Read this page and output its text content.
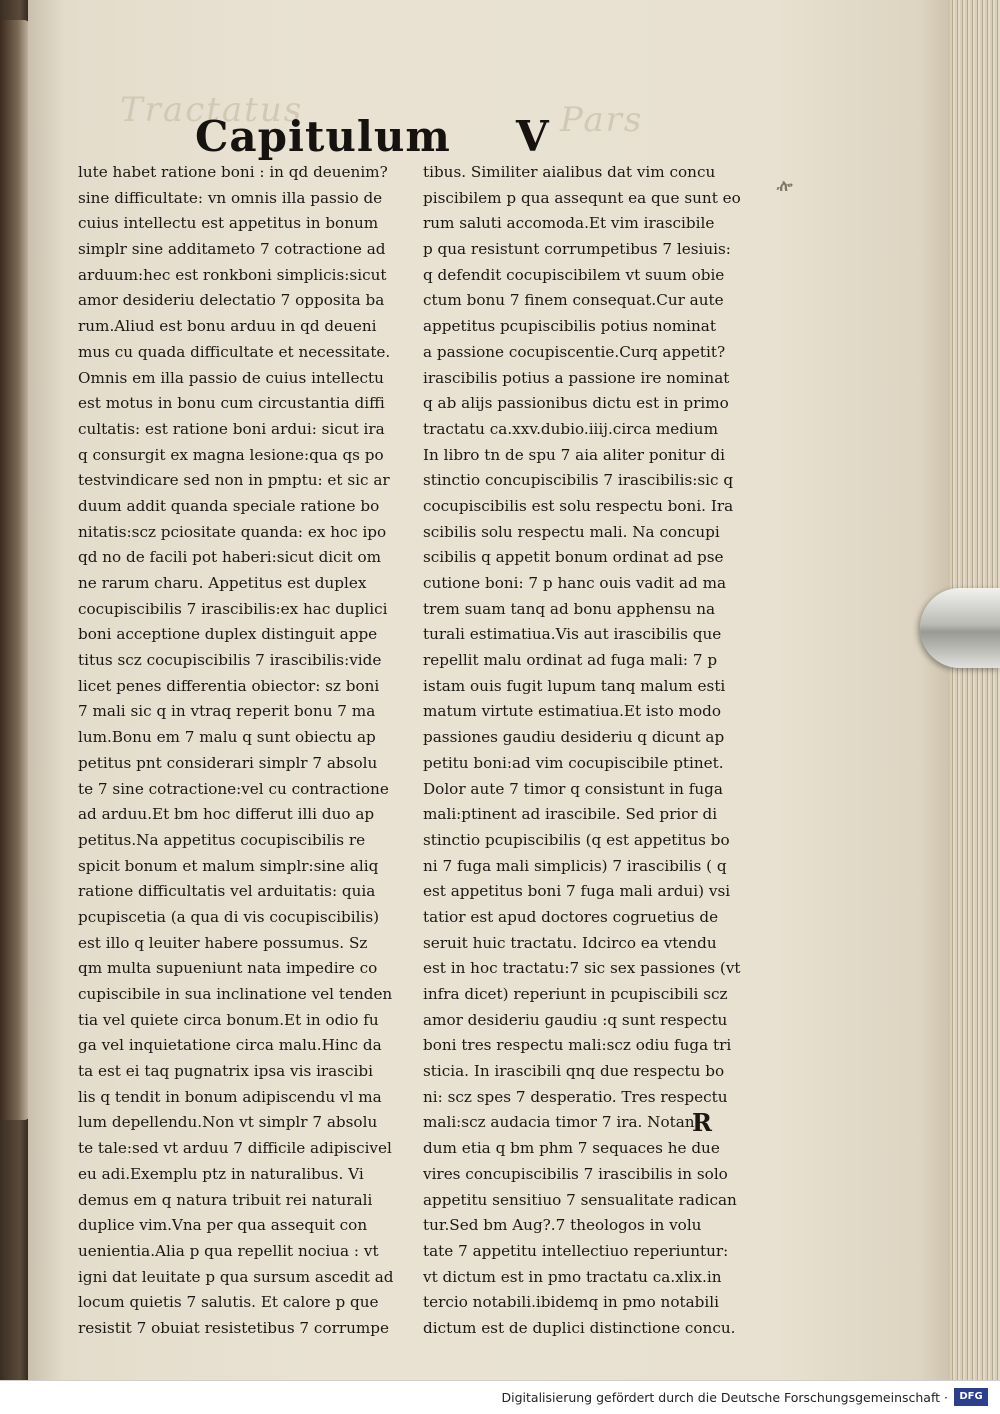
Tractatus	Pars
Capitulum V
lute habet ratione boni : in qd deuenim?
sine difficultate: vn omnis illa passio de
cuius intellectu est appetitus in bonum
simplr sine additameto 7 cotractione ad
arduum:hec est ronkboni simplicis:sicut
amor desideriu delectatio 7 opposita ba
rum.Aliud est bonu arduu in qd deueni
mus cu quada difficultate et necessitate.
Omnis em illa passio de cuius intellectu
est motus in bonu cum circustantia diffi
cultatis: est ratione boni ardui: sicut ira
q consurgit ex magna lesione:qua qs po
testvindicare sed non in pmptu: et sic ar
duum addit quanda speciale ratione bo
nitatis:scz pciositate quanda: ex hoc ipo
qd no de facili pot haberi:sicut dicit om
ne rarum charu. Appetitus est duplex
cocupiscibilis 7 irascibilis:ex hac duplici
boni acceptione duplex distinguit appe
titus scz cocupiscibilis 7 irascibilis:vide
licet penes differentia obiector: sz boni
7 mali sic q in vtraq reperit bonu 7 ma
lum.Bonu em 7 malu q sunt obiectu ap
petitus pnt considerari simplr 7 absolu
te 7 sine cotractione:vel cu contractione
ad arduu.Et bm hoc differut illi duo ap
petitus.Na appetitus cocupiscibilis re
spicit bonum et malum simplr:sine aliq
ratione difficultatis vel arduitatis: quia
pcupiscetia (a qua di vis cocupiscibilis)
est illo q leuiter habere possumus. Sz
qm multa supueniunt nata impedire co
cupiscibile in sua inclinatione vel tenden
tia vel quiete circa bonum.Et in odio fu
ga vel inquietatione circa malu.Hinc da
ta est ei taq pugnatrix ipsa vis irascibi
lis q tendit in bonum adipiscendu vl ma
lum depellendu.Non vt simplr 7 absolu
te tale:sed vt arduu 7 difficile adipiscivel
eu adi.Exemplu ptz in naturalibus. Vi
demus em q natura tribuit rei naturali
duplice vim.Vna per qua assequit con
uenientia.Alia p qua repellit nociua : vt
igni dat leuitate p qua sursum ascedit ad
locum quietis 7 salutis. Et calore p que
resistit 7 obuiat resistetibus 7 corrumpe
tibus. Similiter aialibus dat vim concu
piscibilem p qua assequnt ea que sunt eo
rum saluti accomoda.Et vim irascibile
p qua resistunt corrumpetibus 7 lesiuis:
q defendit cocupiscibilem vt suum obie
ctum bonu 7 finem consequat.Cur aute
appetitus pcupiscibilis potius nominat
a passione cocupiscentie.Curq appetit?
irascibilis potius a passione ire nominat
q ab alijs passionibus dictu est in primo
tractatu ca.xxv.dubio.iiij.circa medium
In libro tn de spu 7 aia aliter ponitur di
stinctio concupiscibilis 7 irascibilis:sic q
cocupiscibilis est solu respectu boni. Ira
scibilis solu respectu mali. Na concupi
scibilis q appetit bonum ordinat ad pse
cutione boni: 7 p hanc ouis vadit ad ma
trem suam tanq ad bonu apphensu na
turali estimatiua.Vis aut irascibilis que
repellit malu ordinat ad fuga mali: 7 p
istam ouis fugit lupum tanq malum esti
matum virtute estimatiua.Et isto modo
passiones gaudiu desideriu q dicunt ap
petitu boni:ad vim cocupiscibile ptinet.
Dolor aute 7 timor q consistunt in fuga
mali:ptinent ad irascibile. Sed prior di
stinctio pcupiscibilis (q est appetitus bo
ni 7 fuga mali simplicis) 7 irascibilis ( q
est appetitus boni 7 fuga mali ardui) vsi
tatior est apud doctores cogruetius de
seruit huic tractatu. Idcirco ea vtendu
est in hoc tractatu:7 sic sex passiones (vt
infra dicet) reperiunt in pcupiscibili scz
amor desideriu gaudiu :q sunt respectu
boni tres respectu mali:scz odiu fuga tri
sticia. In irascibili qnq due respectu bo
ni: scz spes 7 desperatio. Tres respectu
mali:scz audacia timor 7 ira. Notan
dum etia q bm phm 7 sequaces he due
vires concupiscibilis 7 irascibilis in solo
appetitu sensitiuo 7 sensualitate radican
tur.Sed bm Aug?.7 theologos in volu
tate 7 appetitu intellectiuo reperiuntur:
vt dictum est in pmo tractatu ca.xlix.in
tercio notabili.ibidemq in pmo notabili
dictum est de duplici distinctione concu.
ⶀ
R
Digitalisierung gefördert durch die Deutsche Forschungsgemeinschaft ·	DFG
